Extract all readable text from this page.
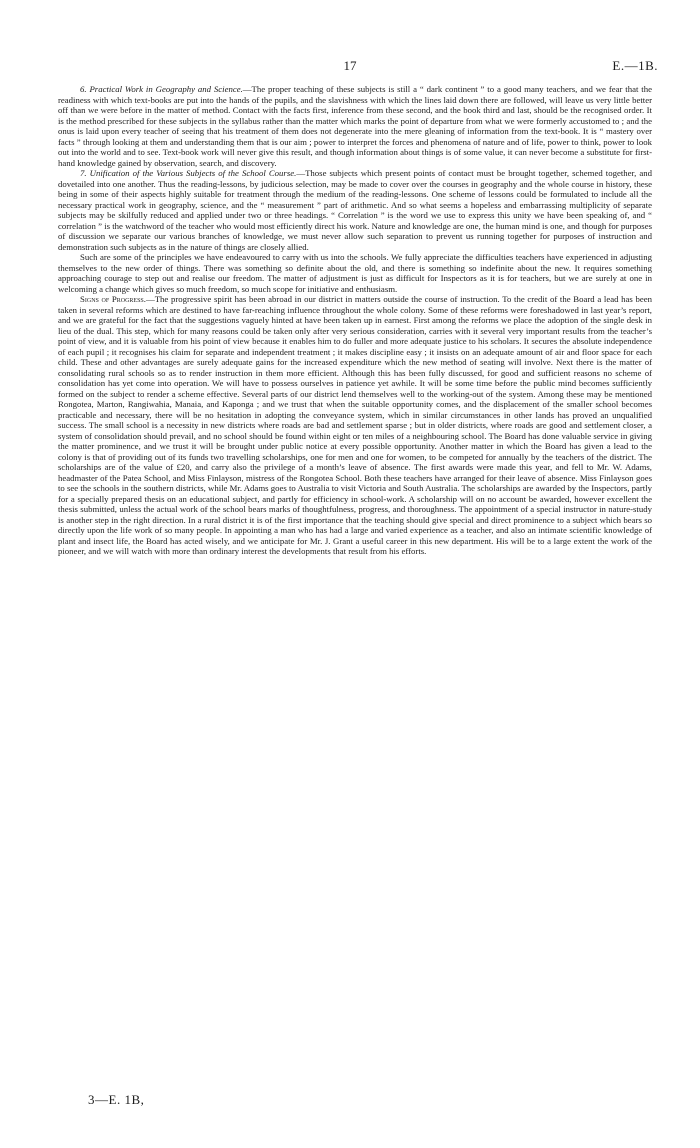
17	E.—1B.

6. Practical Work in Geography and Science.—The proper teaching of these subjects is still a “ dark continent ” to a good many teachers, and we fear that the readiness with which text-books are put into the hands of the pupils, and the slavishness with which the lines laid down there are followed, will leave us very little better off than we were before in the matter of method. Contact with the facts first, inference from these second, and the book third and last, should be the recognised order. It is the method prescribed for these subjects in the syllabus rather than the matter which marks the point of departure from what we were formerly accustomed to ; and the onus is laid upon every teacher of seeing that his treatment of them does not degenerate into the mere gleaning of information from the text-book. It is “ mastery over facts ” through looking at them and understanding them that is our aim ; power to interpret the forces and phenomena of nature and of life, power to think, power to look out into the world and to see. Text-book work will never give this result, and though information about things is of some value, it can never become a substitute for first-hand knowledge gained by observation, search, and discovery.

7. Unification of the Various Subjects of the School Course.—Those subjects which present points of contact must be brought together, schemed together, and dovetailed into one another. Thus the reading-lessons, by judicious selection, may be made to cover over the courses in geography and the whole course in history, these being in some of their aspects highly suitable for treatment through the medium of the reading-lessons. One scheme of lessons could be formulated to include all the necessary practical work in geography, science, and the “ measurement ” part of arithmetic. And so what seems a hopeless and embarrassing multiplicity of separate subjects may be skilfully reduced and applied under two or three headings. “ Correlation ” is the word we use to express this unity we have been speaking of, and “ correlation ” is the watchword of the teacher who would most efficiently direct his work. Nature and knowledge are one, the human mind is one, and though for purposes of discussion we separate our various branches of knowledge, we must never allow such separation to prevent us running together for purposes of instruction and demonstration such subjects as in the nature of things are closely allied.

Such are some of the principles we have endeavoured to carry with us into the schools. We fully appreciate the difficulties teachers have experienced in adjusting themselves to the new order of things. There was something so definite about the old, and there is something so indefinite about the new. It requires something approaching courage to step out and realise our freedom. The matter of adjustment is just as difficult for Inspectors as it is for teachers, but we are surely at one in welcoming a change which gives so much freedom, so much scope for initiative and enthusiasm.

Signs of Progress.—The progressive spirit has been abroad in our district in matters outside the course of instruction. To the credit of the Board a lead has been taken in several reforms which are destined to have far-reaching influence throughout the whole colony. Some of these reforms were foreshadowed in last year’s report, and we are grateful for the fact that the suggestions vaguely hinted at have been taken up in earnest. First among the reforms we place the adoption of the single desk in lieu of the dual. This step, which for many reasons could be taken only after very serious consideration, carries with it several very important results from the teacher’s point of view, and it is valuable from his point of view because it enables him to do fuller and more adequate justice to his scholars. It secures the absolute independence of each pupil ; it recognises his claim for separate and independent treatment ; it makes discipline easy ; it insists on an adequate amount of air and floor space for each child. These and other advantages are surely adequate gains for the increased expenditure which the new method of seating will involve. Next there is the matter of consolidating rural schools so as to render instruction in them more efficient. Although this has been fully discussed, for good and sufficient reasons no scheme of consolidation has yet come into operation. We will have to possess ourselves in patience yet awhile. It will be some time before the public mind becomes sufficiently formed on the subject to render a scheme effective. Several parts of our district lend themselves well to the working-out of the system. Among these may be mentioned Rongotea, Marton, Rangiwahia, Manaia, and Kaponga ; and we trust that when the suitable opportunity comes, and the displacement of the smaller school becomes practicable and necessary, there will be no hesitation in adopting the conveyance system, which in similar circumstances in other lands has proved an unqualified success. The small school is a necessity in new districts where roads are bad and settlement sparse ; but in older districts, where roads are good and settlement closer, a system of consolidation should prevail, and no school should be found within eight or ten miles of a neighbouring school. The Board has done valuable service in giving the matter prominence, and we trust it will be brought under public notice at every possible opportunity. Another matter in which the Board has given a lead to the colony is that of providing out of its funds two travelling scholarships, one for men and one for women, to be competed for annually by the teachers of the district. The scholarships are of the value of £20, and carry also the privilege of a month’s leave of absence. The first awards were made this year, and fell to Mr. W. Adams, headmaster of the Patea School, and Miss Finlayson, mistress of the Rongotea School. Both these teachers have arranged for their leave of absence. Miss Finlayson goes to see the schools in the southern districts, while Mr. Adams goes to Australia to visit Victoria and South Australia. The scholarships are awarded by the Inspectors, partly for a specially prepared thesis on an educational subject, and partly for efficiency in school-work. A scholarship will on no account be awarded, however excellent the thesis submitted, unless the actual work of the school bears marks of thoughtfulness, progress, and thoroughness. The appointment of a special instructor in nature-study is another step in the right direction. In a rural district it is of the first importance that the teaching should give special and direct prominence to a subject which bears so directly upon the life work of so many people. In appointing a man who has had a large and varied experience as a teacher, and also an intimate scientific knowledge of plant and insect life, the Board has acted wisely, and we anticipate for Mr. J. Grant a useful career in this new department. His will be to a large extent the work of the pioneer, and we will watch with more than ordinary interest the developments that result from his efforts.

3—E. 1B,
